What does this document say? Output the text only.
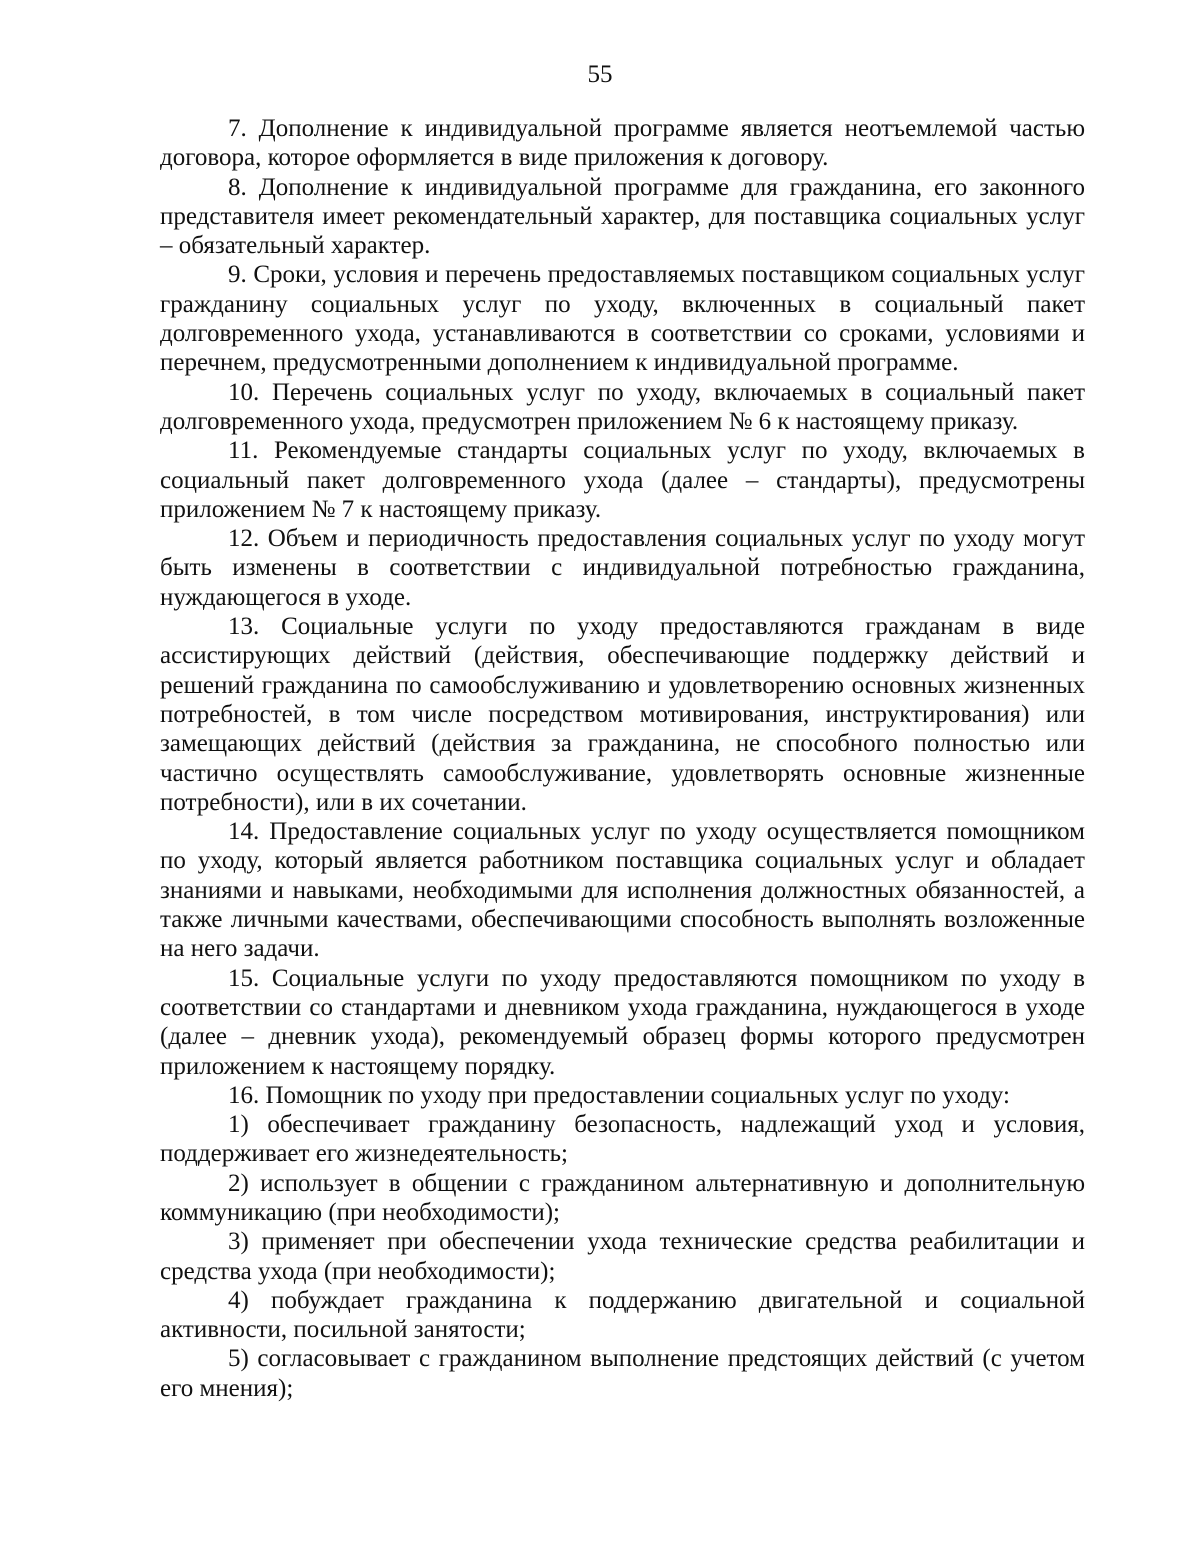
55

7. Дополнение к индивидуальной программе является неотъемлемой частью договора, которое оформляется в виде приложения к договору.

8. Дополнение к индивидуальной программе для гражданина, его законного представителя имеет рекомендательный характер, для поставщика социальных услуг – обязательный характер.

9. Сроки, условия и перечень предоставляемых поставщиком социальных услуг гражданину социальных услуг по уходу, включенных в социальный пакет долговременного ухода, устанавливаются в соответствии со сроками, условиями и перечнем, предусмотренными дополнением к индивидуальной программе.

10. Перечень социальных услуг по уходу, включаемых в социальный пакет долговременного ухода, предусмотрен приложением № 6 к настоящему приказу.

11. Рекомендуемые стандарты социальных услуг по уходу, включаемых в социальный пакет долговременного ухода (далее – стандарты), предусмотрены приложением № 7 к настоящему приказу.

12. Объем и периодичность предоставления социальных услуг по уходу могут быть изменены в соответствии с индивидуальной потребностью гражданина, нуждающегося в уходе.

13. Социальные услуги по уходу предоставляются гражданам в виде ассистирующих действий (действия, обеспечивающие поддержку действий и решений гражданина по самообслуживанию и удовлетворению основных жизненных потребностей, в том числе посредством мотивирования, инструктирования) или замещающих действий (действия за гражданина, не способного полностью или частично осуществлять самообслуживание, удовлетворять основные жизненные потребности), или в их сочетании.

14. Предоставление социальных услуг по уходу осуществляется помощником по уходу, который является работником поставщика социальных услуг и обладает знаниями и навыками, необходимыми для исполнения должностных обязанностей, а также личными качествами, обеспечивающими способность выполнять возложенные на него задачи.

15. Социальные услуги по уходу предоставляются помощником по уходу в соответствии со стандартами и дневником ухода гражданина, нуждающегося в уходе (далее – дневник ухода), рекомендуемый образец формы которого предусмотрен приложением к настоящему порядку.

16. Помощник по уходу при предоставлении социальных услуг по уходу:

1) обеспечивает гражданину безопасность, надлежащий уход и условия, поддерживает его жизнедеятельность;

2) использует в общении с гражданином альтернативную и дополнительную коммуникацию (при необходимости);

3) применяет при обеспечении ухода технические средства реабилитации и средства ухода (при необходимости);

4) побуждает гражданина к поддержанию двигательной и социальной активности, посильной занятости;

5) согласовывает с гражданином выполнение предстоящих действий (с учетом его мнения);
